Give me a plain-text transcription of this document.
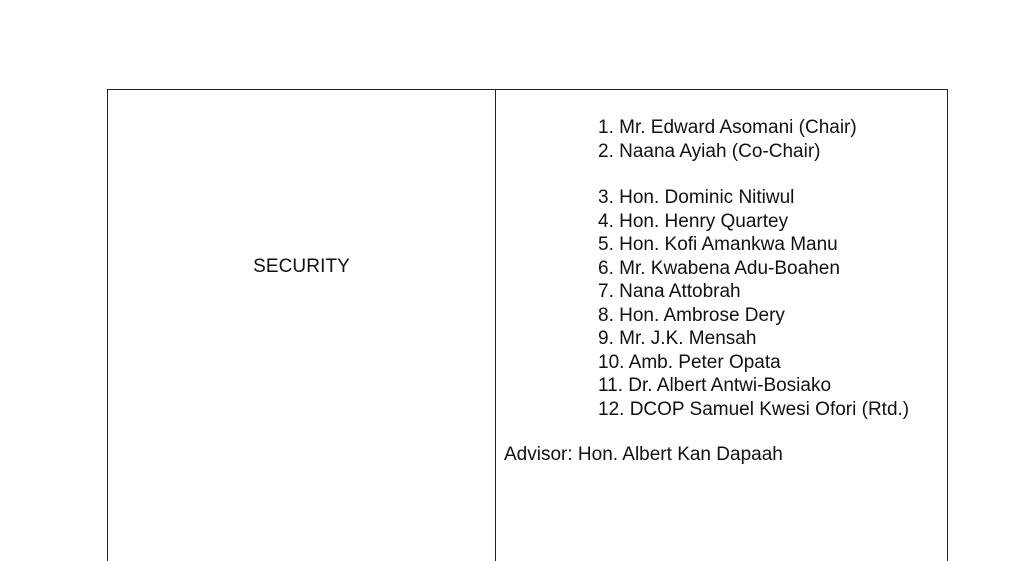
SECURITY
1. Mr. Edward Asomani (Chair)
2. Naana Ayiah (Co-Chair)
3. Hon. Dominic Nitiwul
4. Hon. Henry Quartey
5. Hon. Kofi Amankwa Manu
6. Mr. Kwabena Adu-Boahen
7. Nana Attobrah
8. Hon. Ambrose Dery
9. Mr. J.K. Mensah
10. Amb. Peter Opata
11. Dr. Albert Antwi-Bosiako
12. DCOP Samuel Kwesi Ofori (Rtd.)
Advisor: Hon. Albert Kan Dapaah
